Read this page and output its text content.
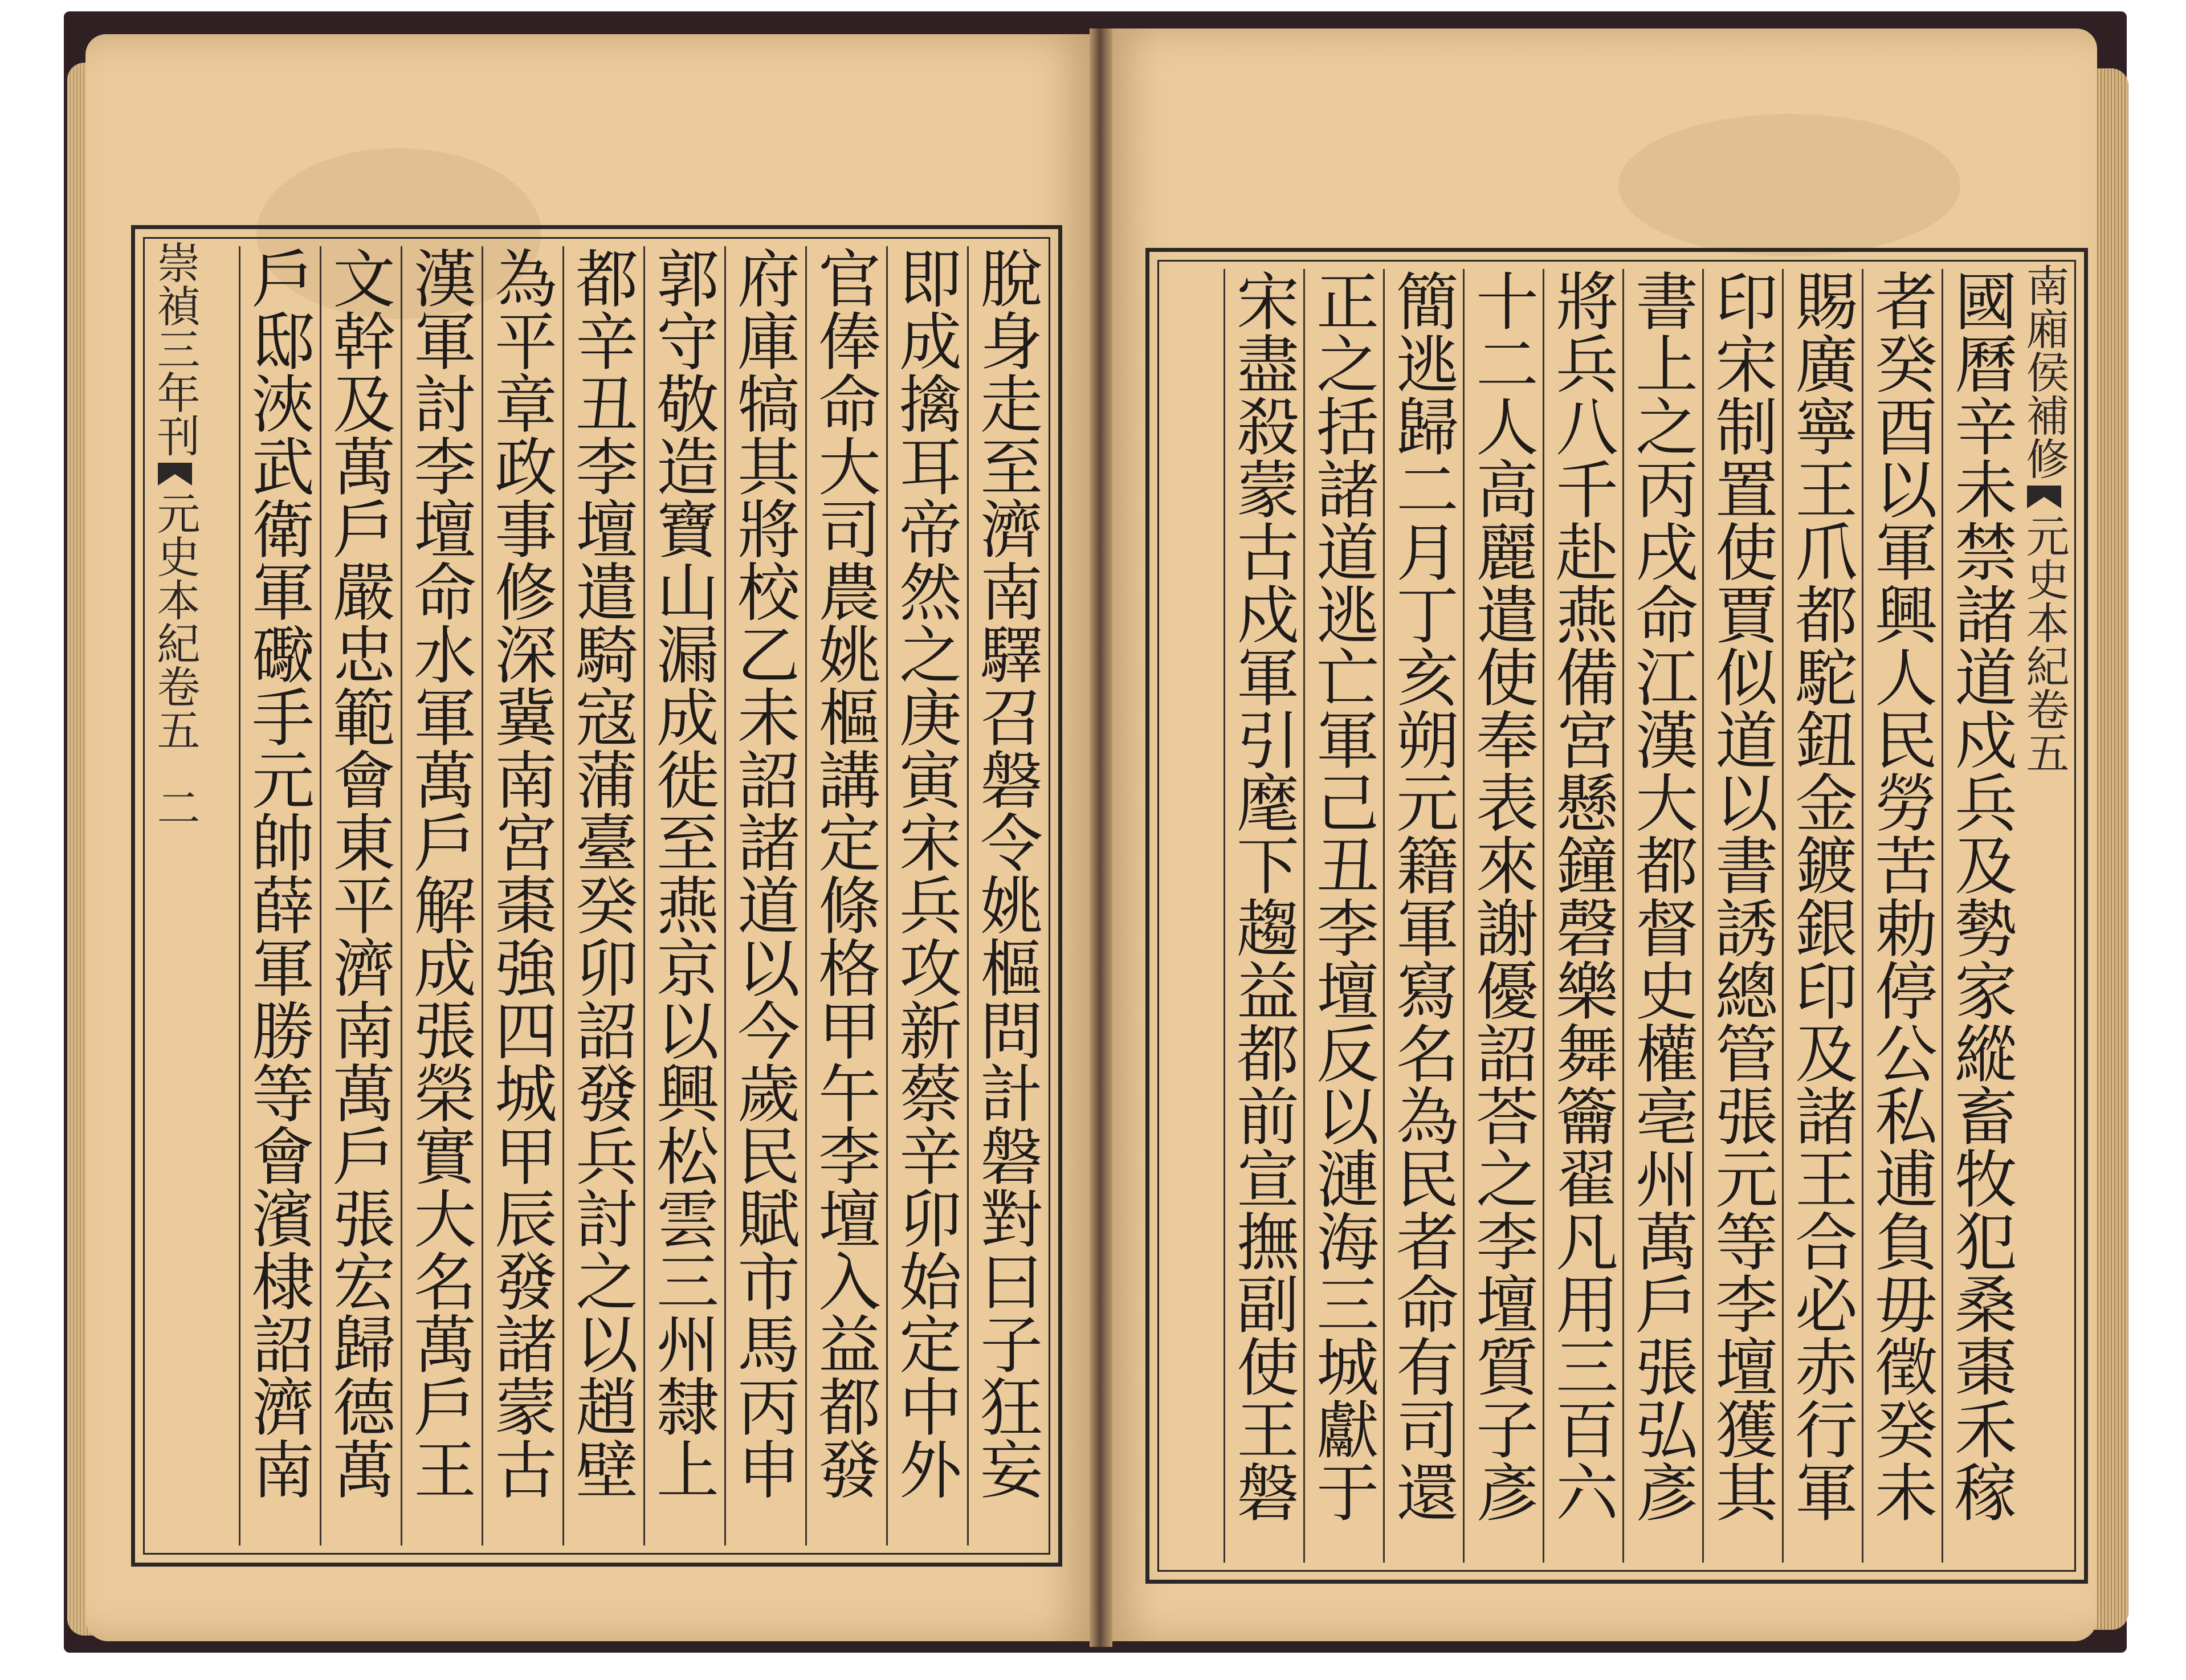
脫身走至濟南驛召磐令姚樞問計磐對曰子狂妄
即成擒耳帝然之庚寅宋兵攻新蔡辛卯始定中外
官俸命大司農姚樞講定條格甲午李壇入益都發
府庫犒其將校乙未詔諸道以今歲民賦市馬丙申
郭守敬造寶山漏成徙至燕京以興松雲三州隸上
都辛丑李壇遣騎寇蒲臺癸卯詔發兵討之以趙壁
為平章政事修深冀南宮棗強四城甲辰發諸蒙古
漢軍討李壇命水軍萬戶解成張榮實大名萬戶王
文幹及萬戶嚴忠範會東平濟南萬戶張宏歸德萬
戶邸浹武衛軍礮手元帥薛軍勝等會濱棣詔濟南
崇禎三年刊
元史本紀卷五
二
南廂侯補修
元史本紀卷五
國曆辛未禁諸道戍兵及勢家縱畜牧犯桑棗禾稼
者癸酉以軍興人民勞苦勅停公私逋負毋徵癸未
賜廣寧王爪都駝鈕金鍍銀印及諸王合必赤行軍
印宋制置使賈似道以書誘總管張元等李壇獲其
書上之丙戌命江漢大都督史權亳州萬戶張弘彥
將兵八千赴燕備宮懸鐘磬樂舞籥翟凡用三百六
十二人高麗遣使奉表來謝優詔荅之李壇質子彥
簡逃歸二月丁亥朔元籍軍寫名為民者命有司還
正之括諸道逃亡軍己丑李壇反以漣海三城獻于
宋盡殺蒙古戍軍引麾下趨益都前宣撫副使王磐
